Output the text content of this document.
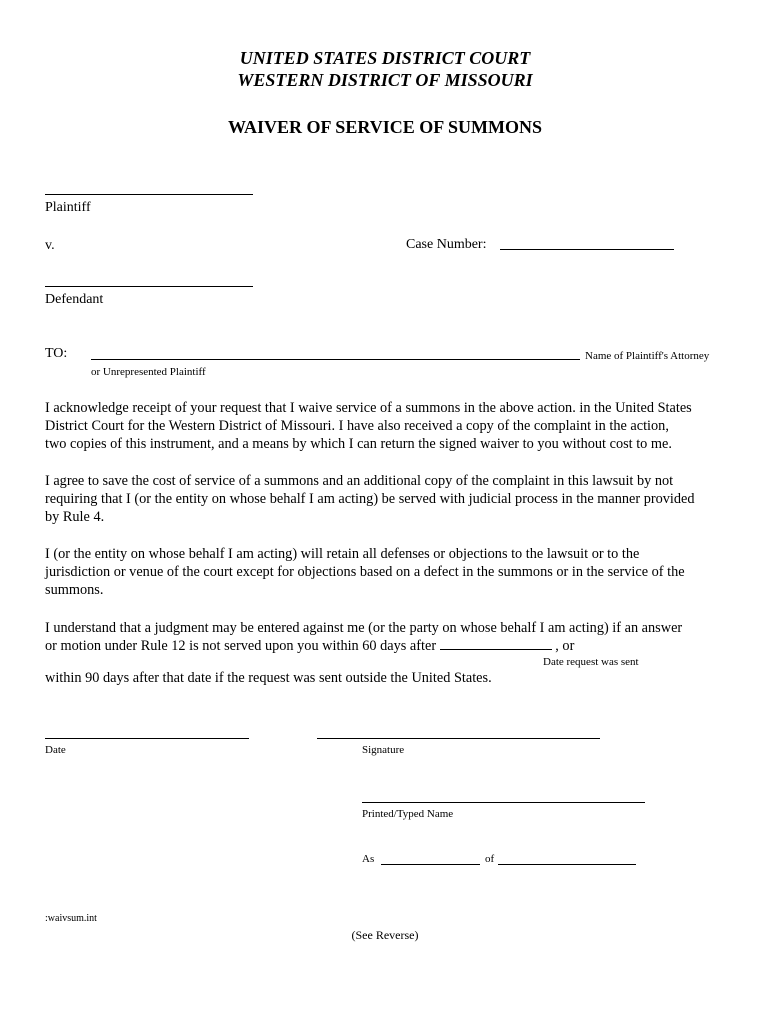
UNITED STATES DISTRICT COURT
WESTERN DISTRICT OF MISSOURI
WAIVER OF SERVICE OF SUMMONS
Plaintiff
v.	Case Number:
Defendant
TO:	Name of Plaintiff's Attorney
or Unrepresented Plaintiff
I acknowledge receipt of your request that I waive service of a summons in the above action. in the United States
District Court for the Western District of Missouri. I have also received a copy of the complaint in the action,
two copies of this instrument, and a means by which I can return the signed waiver to you without cost to me.
I agree to save the cost of service of a summons and an additional copy of the complaint in this lawsuit by not
requiring that I (or the entity on whose behalf I am acting) be served with judicial process in the manner provided
by Rule 4.
I (or the entity on whose behalf I am acting) will retain all defenses or objections to the lawsuit or to the
jurisdiction or venue of the court except for objections based on a defect in the summons or in the service of the
summons.
I understand that a judgment may be entered against me (or the party on whose behalf I am acting) if an answer
or motion under Rule 12 is not served upon you within 60 days after	, or
Date request was sent
within 90 days after that date if the request was sent outside the United States.
Date	Signature
Printed/Typed Name
As	of
:waivsum.int
(See Reverse)
